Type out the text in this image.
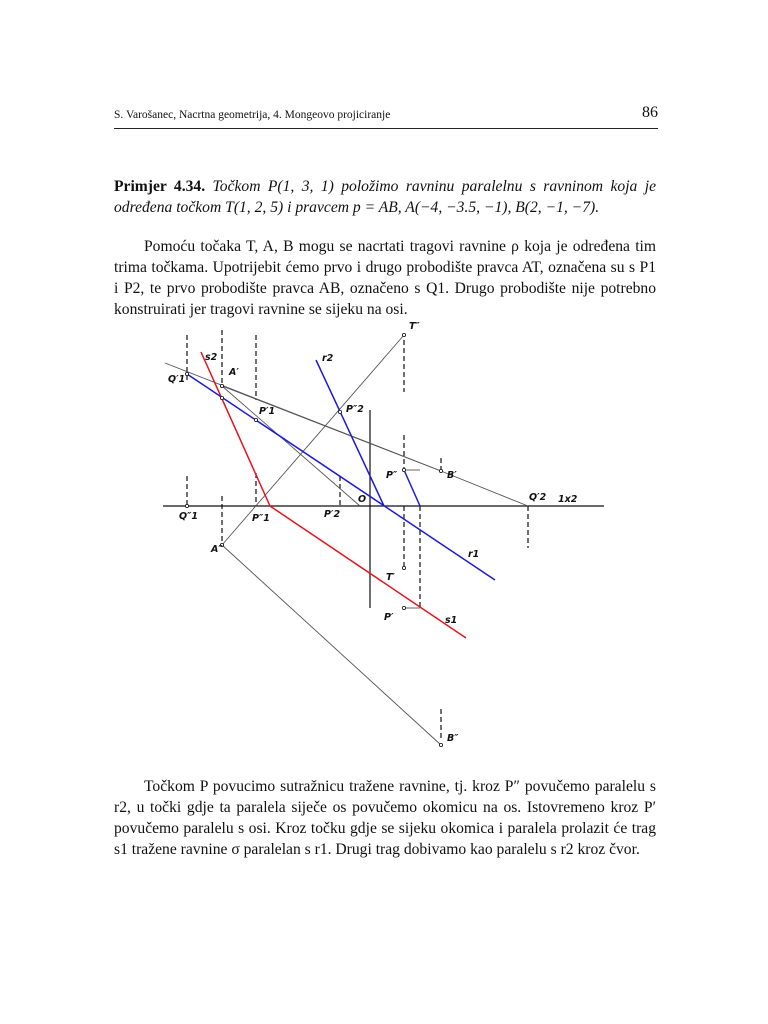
S. Varošanec, Nacrtna geometrija, 4. Mongeovo projiciranje	86

Primjer 4.34. Točkom P(1, 3, 1) položimo ravninu paralelnu s ravninom koja je određena točkom T(1, 2, 5) i pravcem p = AB, A(−4, −3.5, −1), B(2, −1, −7).

Pomoću točaka T, A, B mogu se nacrtati tragovi ravnine ρ koja je određena tim trima točkama. Upotrijebit ćemo prvo i drugo probodište pravca AT, označena su s P1 i P2, te prvo probodište pravca AB, označeno s Q1. Drugo probodište nije potrebno konstruirati jer tragovi ravnine se sijeku na osi.

T″
s2	r2
A′
Q′1
P′1	P″2
P″	B′
O	Q′2 1x2
Q″1	P″1	P′2
A″	r1
T′
P′	s1
B″

Točkom P povucimo sutražnicu tražene ravnine, tj. kroz P″ povučemo paralelu s r2, u točki gdje ta paralela siječe os povučemo okomicu na os. Istovremeno kroz P′ povučemo paralelu s osi. Kroz točku gdje se sijeku okomica i paralela prolazit će trag s1 tražene ravnine σ paralelan s r1. Drugi trag dobivamo kao paralelu s r2 kroz čvor.
